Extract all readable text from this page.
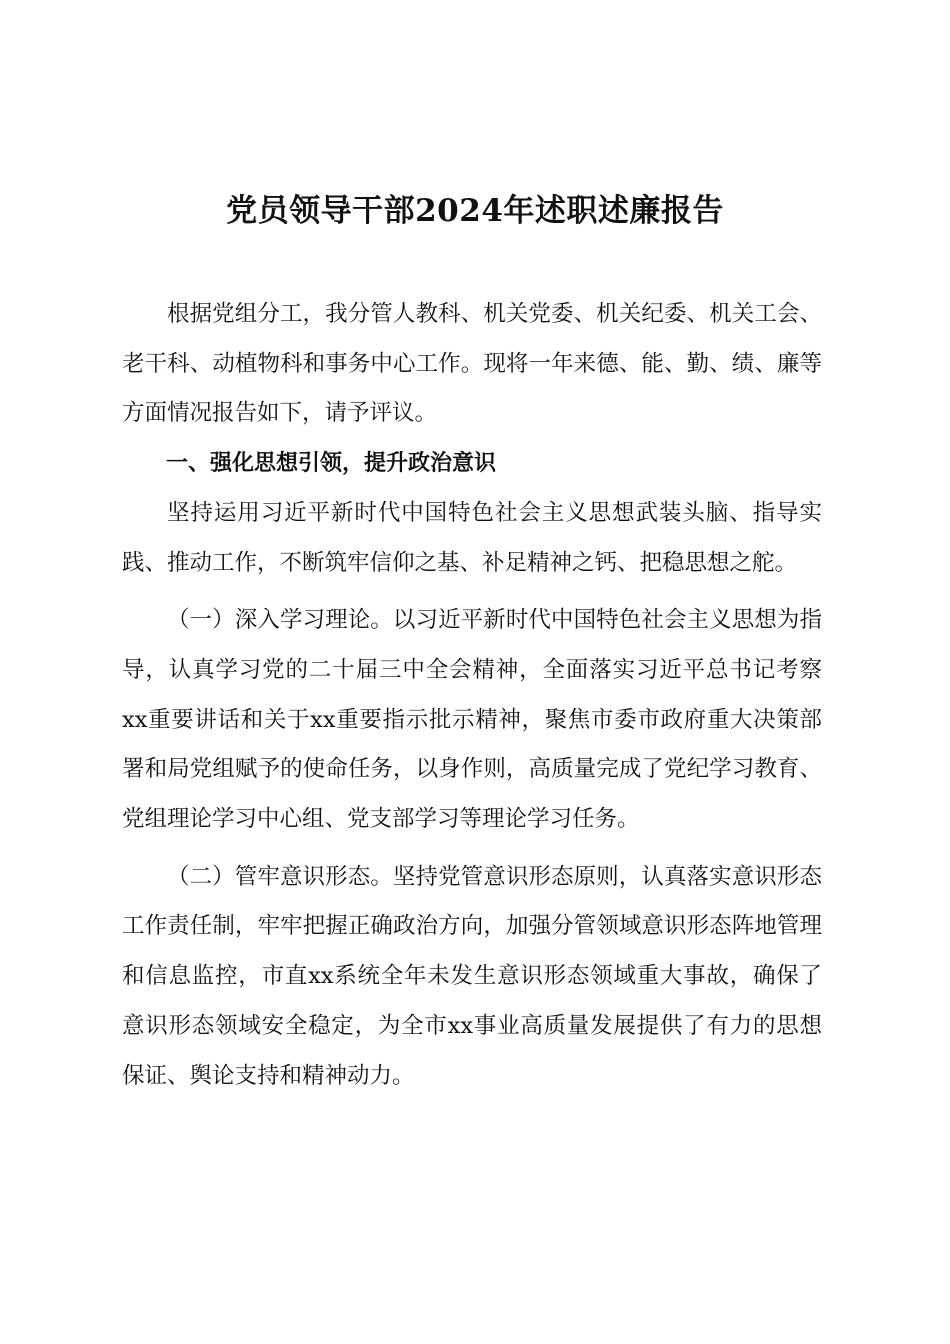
党员领导干部2024年述职述廉报告

根据党组分工，我分管人教科、机关党委、机关纪委、机关工会、老干科、动植物科和事务中心工作。现将一年来德、能、勤、绩、廉等方面情况报告如下，请予评议。

一、强化思想引领，提升政治意识

坚持运用习近平新时代中国特色社会主义思想武装头脑、指导实践、推动工作，不断筑牢信仰之基、补足精神之钙、把稳思想之舵。

（一）深入学习理论。以习近平新时代中国特色社会主义思想为指导，认真学习党的二十届三中全会精神，全面落实习近平总书记考察xx重要讲话和关于xx重要指示批示精神，聚焦市委市政府重大决策部署和局党组赋予的使命任务，以身作则，高质量完成了党纪学习教育、党组理论学习中心组、党支部学习等理论学习任务。

（二）管牢意识形态。坚持党管意识形态原则，认真落实意识形态工作责任制，牢牢把握正确政治方向，加强分管领域意识形态阵地管理和信息监控，市直xx系统全年未发生意识形态领域重大事故，确保了意识形态领域安全稳定，为全市xx事业高质量发展提供了有力的思想保证、舆论支持和精神动力。
